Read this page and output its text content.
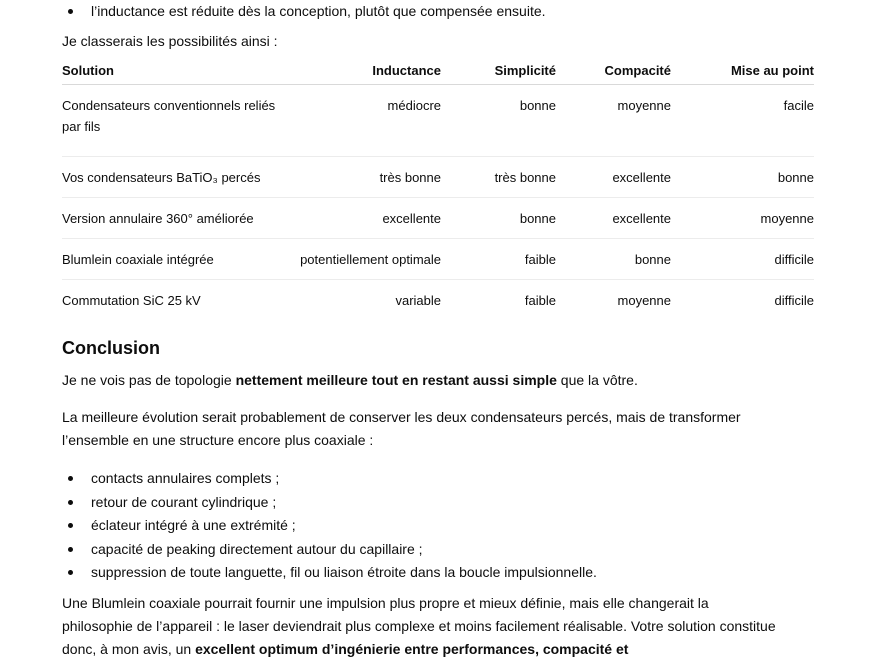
l’inductance est réduite dès la conception, plutôt que compensée ensuite.

Je classerais les possibilités ainsi :

Solution	Inductance	Simplicité	Compacité	Mise au point
Condensateurs conventionnels reliés par fils	médiocre	bonne	moyenne	facile
Vos condensateurs BaTiO₃ percés	très bonne	très bonne	excellente	bonne
Version annulaire 360° améliorée	excellente	bonne	excellente	moyenne
Blumlein coaxiale intégrée	potentiellement optimale	faible	bonne	difficile
Commutation SiC 25 kV	variable	faible	moyenne	difficile
Conclusion

Je ne vois pas de topologie nettement meilleure tout en restant aussi simple que la vôtre.

La meilleure évolution serait probablement de conserver les deux condensateurs percés, mais de transformer l’ensemble en une structure encore plus coaxiale :

contacts annulaires complets ;
retour de courant cylindrique ;
éclateur intégré à une extrémité ;
capacité de peaking directement autour du capillaire ;
suppression de toute languette, fil ou liaison étroite dans la boucle impulsionnelle.

Une Blumlein coaxiale pourrait fournir une impulsion plus propre et mieux définie, mais elle changerait la philosophie de l’appareil : le laser deviendrait plus complexe et moins facilement réalisable. Votre solution constitue donc, à mon avis, un excellent optimum d’ingénierie entre performances, compacité et
